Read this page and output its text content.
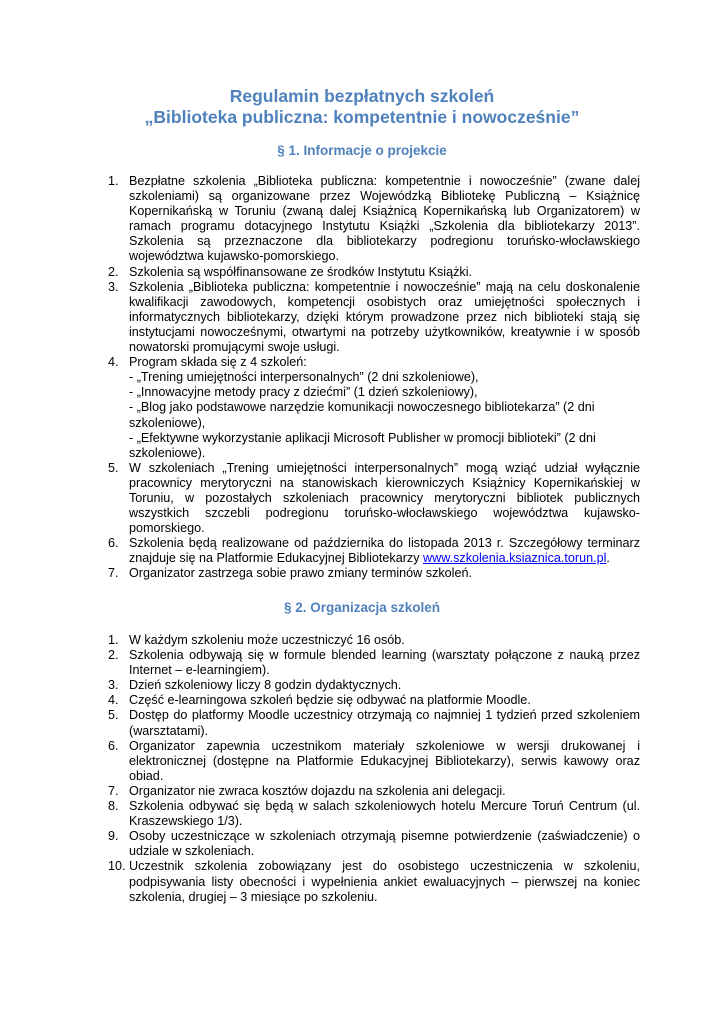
Regulamin bezpłatnych szkoleń
„Biblioteka publiczna: kompetentnie i nowocześnie”
§ 1. Informacje o projekcie
1. Bezpłatne szkolenia „Biblioteka publiczna: kompetentnie i nowocześnie” (zwane dalej szkoleniami) są organizowane przez Wojewódzką Bibliotekę Publiczną – Książnicę Kopernikańską w Toruniu (zwaną dalej Książnicą Kopernikańską lub Organizatorem) w ramach programu dotacyjnego Instytutu Książki „Szkolenia dla bibliotekarzy 2013”. Szkolenia są przeznaczone dla bibliotekarzy podregionu toruńsko-włocławskiego województwa kujawsko-pomorskiego.
2. Szkolenia są współfinansowane ze środków Instytutu Książki.
3. Szkolenia „Biblioteka publiczna: kompetentnie i nowocześnie” mają na celu doskonalenie kwalifikacji zawodowych, kompetencji osobistych oraz umiejętności społecznych i informatycznych bibliotekarzy, dzięki którym prowadzone przez nich biblioteki stają się instytucjami nowocześnymi, otwartymi na potrzeby użytkowników, kreatywnie i w sposób nowatorski promującymi swoje usługi.
4. Program składa się z 4 szkoleń:
- „Trening umiejętności interpersonalnych” (2 dni szkoleniowe),
- „Innowacyjne metody pracy z dziećmi” (1 dzień szkoleniowy),
- „Blog jako podstawowe narzędzie komunikacji nowoczesnego bibliotekarza” (2 dni szkoleniowe),
- „Efektywne wykorzystanie aplikacji Microsoft Publisher w promocji biblioteki” (2 dni szkoleniowe).
5. W szkoleniach „Trening umiejętności interpersonalnych” mogą wziąć udział wyłącznie pracownicy merytoryczni na stanowiskach kierowniczych Książnicy Kopernikańskiej w Toruniu, w pozostałych szkoleniach pracownicy merytoryczni bibliotek publicznych wszystkich szczebli podregionu toruńsko-włocławskiego województwa kujawsko-pomorskiego.
6. Szkolenia będą realizowane od października do listopada 2013 r. Szczegółowy terminarz znajduje się na Platformie Edukacyjnej Bibliotekarzy www.szkolenia.ksiaznica.torun.pl.
7. Organizator zastrzega sobie prawo zmiany terminów szkoleń.
§ 2. Organizacja szkoleń
1. W każdym szkoleniu może uczestniczyć 16 osób.
2. Szkolenia odbywają się w formule blended learning (warsztaty połączone z nauką przez Internet – e-learningiem).
3. Dzień szkoleniowy liczy 8 godzin dydaktycznych.
4. Część e-learningowa szkoleń będzie się odbywać na platformie Moodle.
5. Dostęp do platformy Moodle uczestnicy otrzymają co najmniej 1 tydzień przed szkoleniem (warsztatami).
6. Organizator zapewnia uczestnikom materiały szkoleniowe w wersji drukowanej i elektronicznej (dostępne na Platformie Edukacyjnej Bibliotekarzy), serwis kawowy oraz obiad.
7. Organizator nie zwraca kosztów dojazdu na szkolenia ani delegacji.
8. Szkolenia odbywać się będą w salach szkoleniowych hotelu Mercure Toruń Centrum (ul. Kraszewskiego 1/3).
9. Osoby uczestniczące w szkoleniach otrzymają pisemne potwierdzenie (zaświadczenie) o udziale w szkoleniach.
10. Uczestnik szkolenia zobowiązany jest do osobistego uczestniczenia w szkoleniu, podpisywania listy obecności i wypełnienia ankiet ewaluacyjnych – pierwszej na koniec szkolenia, drugiej – 3 miesiące po szkoleniu.
